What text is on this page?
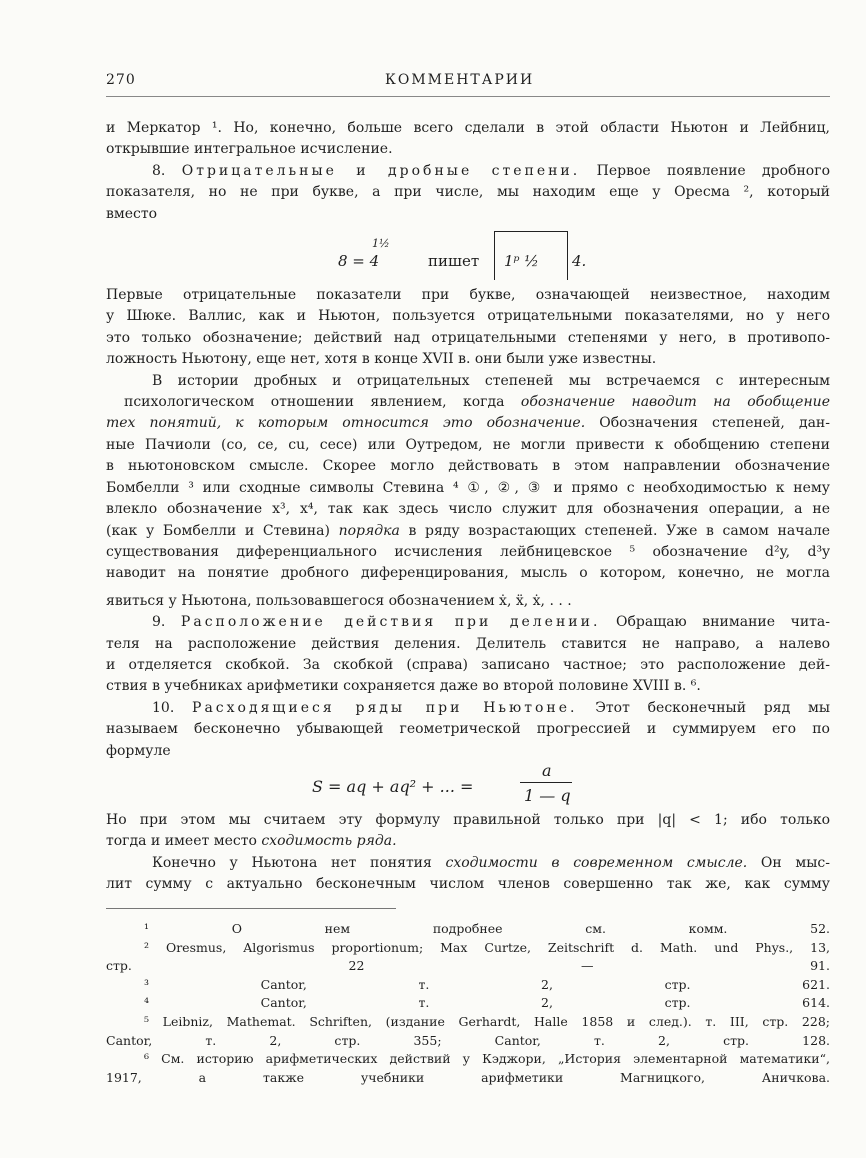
270	КОММЕНТАРИИ
и Меркатор ¹. Но, конечно, больше всего сделали в этой области Ньютон и Лейбниц,
открывшие интегральное исчисление.
8. Отрицательные и дробные степени. Первое появление дробного
показателя, но не при букве, а при числе, мы находим еще у Оресма ², который
вместо
8 = 4
1½
пишет 1ᵖ ½ 4.
Первые отрицательные показатели при букве, означающей неизвестное, находим
у Шюке. Валлис, как и Ньютон, пользуется отрицательными показателями, но у него
это только обозначение; действий над отрицательными степенями у него, в противопо-
ложность Ньютону, еще нет, хотя в конце XVII в. они были уже известны.
В истории дробных и отрицательных степеней мы встречаемся с интересным
психологическом отношении явлением, когда обозначение наводит на обобщение
тех понятий, к которым относится это обозначение. Обозначения степеней, дан-
ные Пачиоли (co, ce, cu, cece) или Оутредом, не могли привести к обобщению степени
в ньютоновском смысле. Скорее могло действовать в этом направлении обозначение
Бомбелли ³ или сходные символы Стевина ⁴ ①, ②, ③ и прямо с необходимостью к нему
влекло обозначение x³, x⁴, так как здесь число служит для обозначения операции, а не
(как у Бомбелли и Стевина) порядка в ряду возрастающих степеней. Уже в самом начале
существования диференциального исчисления лейбницевское ⁵ обозначение d²y, d³y
наводит на понятие дробного диференцирования, мысль о котором, конечно, не могла
явиться у Ньютона, пользовавшегося обозначением ẋ, ẍ, ẋ, . . .
9. Расположение действия при делении. Обращаю внимание чита-
теля на расположение действия деления. Делитель ставится не направо, а налево
и отделяется скобкой. За скобкой (справа) записано частное; это расположение дей-
ствия в учебниках арифметики сохраняется даже во второй половине XVIII в. ⁶.
10. Расходящиеся ряды при Ньютоне. Этот бесконечный ряд мы
называем бесконечно убывающей геометрической прогрессией и суммируем его по
формуле
S = aq + aq² + ... =
a
1 — q
Но при этом мы считаем эту формулу правильной только при |q| < 1; ибо только
тогда и имеет место сходимость ряда.
Конечно у Ньютона нет понятия сходимости в современном смысле. Он мыс-
лит сумму с актуально бесконечным числом членов совершенно так же, как сумму
¹ О нем подробнее см. комм. 52.
² Oresmus, Algorismus proportionum; Max Curtze, Zeitschrift d. Math. und Phys., 13,
стр. 22 — 91.
³ Cantor, т. 2, стр. 621.
⁴ Cantor, т. 2, стр. 614.
⁵ Leibniz, Mathemat. Schriften, (издание Gerhardt, Halle 1858 и след.). т. III, стр. 228;
Cantor, т. 2, стр. 355; Cantor, т. 2, стр. 128.
⁶ См. историю арифметических действий у Кэджори, „История элементарной математики“,
1917, а также учебники арифметики Магницкого, Аничкова.
